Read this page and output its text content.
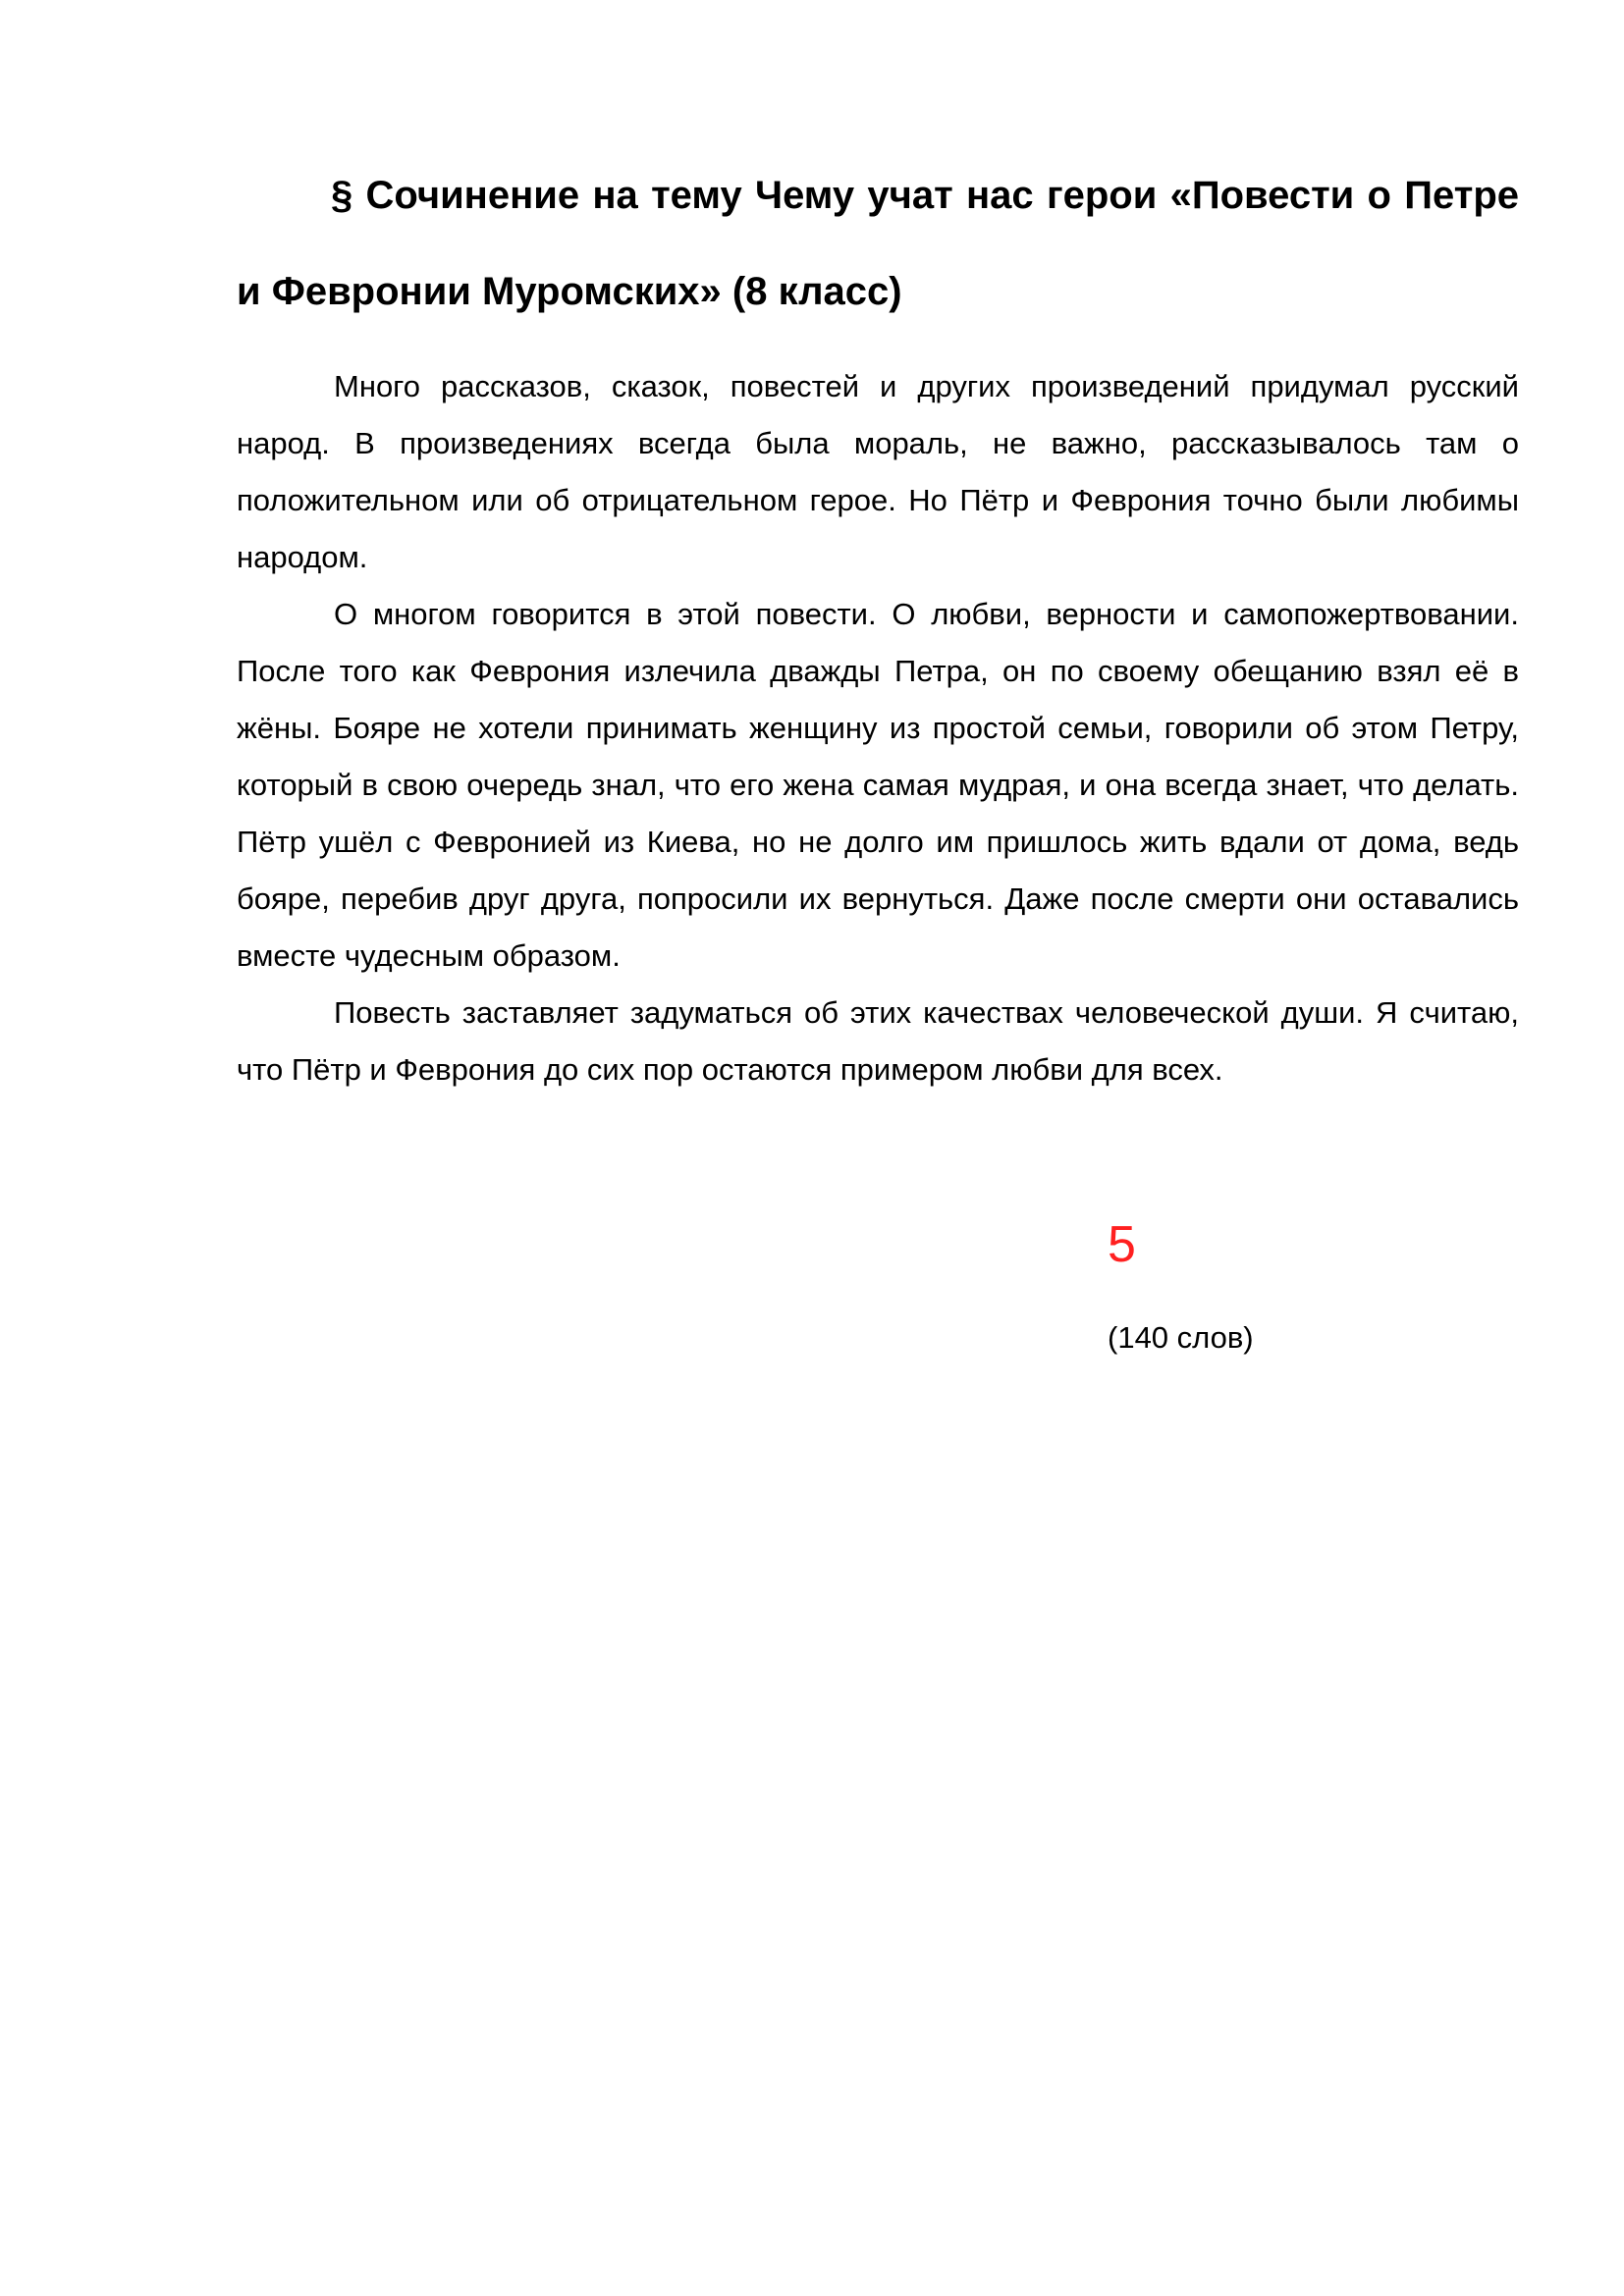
§ Сочинение на тему Чему учат нас герои «Повести о Петре и Февронии Муромских» (8 класс)

Много рассказов, сказок, повестей и других произведений придумал русский народ. В произведениях всегда была мораль, не важно, рассказывалось там о положительном или об отрицательном герое. Но Пётр и Феврония точно были любимы народом.

О многом говорится в этой повести. О любви, верности и самопожертвовании. После того как Феврония излечила дважды Петра, он по своему обещанию взял её в жёны. Бояре не хотели принимать женщину из простой семьи, говорили об этом Петру, который в свою очередь знал, что его жена самая мудрая, и она всегда знает, что делать. Пётр ушёл с Февронией из Киева, но не долго им пришлось жить вдали от дома, ведь бояре, перебив друг друга, попросили их вернуться. Даже после смерти они оставались вместе чудесным образом.

Повесть заставляет задуматься об этих качествах человеческой души. Я считаю, что Пётр и Феврония до сих пор остаются примером любви для всех.

5
(140 слов)
